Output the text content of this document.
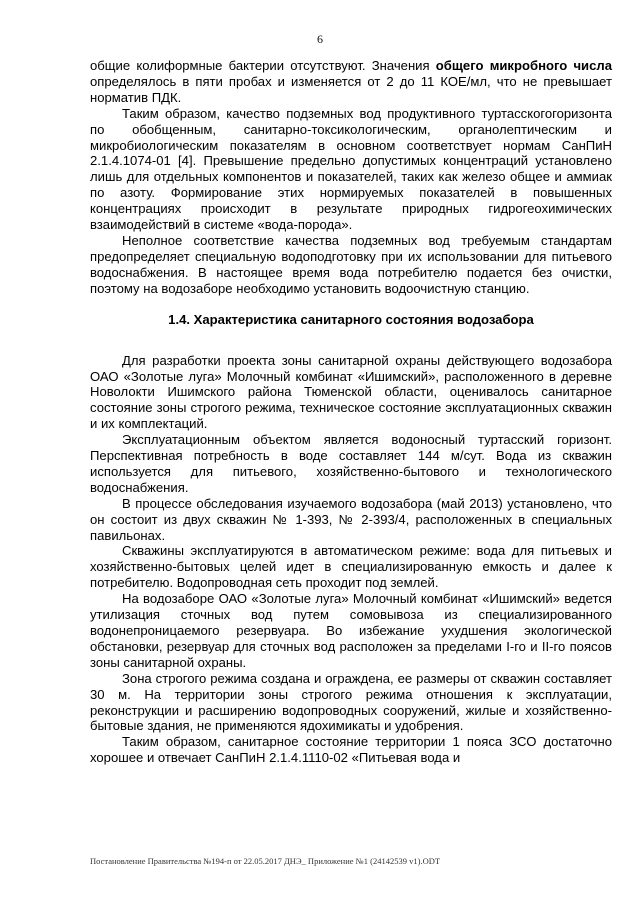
6

общие колиформные бактерии отсутствуют. Значения общего микробного числа определялось в пяти пробах и изменяется от 2 до 11 КОЕ/мл, что не превышает норматив ПДК.

Таким образом, качество подземных вод продуктивного туртасскогогоризонта по обобщенным, санитарно-токсикологическим, органолептическим и микробиологическим показателям в основном соответствует нормам СанПиН 2.1.4.1074-01 [4]. Превышение предельно допустимых концентраций установлено лишь для отдельных компонентов и показателей, таких как железо общее и аммиак по азоту. Формирование этих нормируемых показателей в повышенных концентрациях происходит в результате природных гидрогеохимических взаимодействий в системе «вода-порода».

Неполное соответствие качества подземных вод требуемым стандартам предопределяет специальную водоподготовку при их использовании для питьевого водоснабжения. В настоящее время вода потребителю подается без очистки, поэтому на водозаборе необходимо установить водоочистную станцию.

1.4. Характеристика санитарного состояния водозабора

Для разработки проекта зоны санитарной охраны действующего водозабора ОАО «Золотые луга» Молочный комбинат «Ишимский», расположенного в деревне Новолокти Ишимского района Тюменской области, оценивалось санитарное состояние зоны строгого режима, техническое состояние эксплуатационных скважин и их комплектаций.

Эксплуатационным объектом является водоносный туртасский горизонт. Перспективная потребность в воде составляет 144 м/сут. Вода из скважин используется для питьевого, хозяйственно-бытового и технологического водоснабжения.

В процессе обследования изучаемого водозабора (май 2013) установлено, что он состоит из двух скважин № 1-393, № 2-393/4, расположенных в специальных павильонах.

Скважины эксплуатируются в автоматическом режиме: вода для питьевых и хозяйственно-бытовых целей идет в специализированную емкость и далее к потребителю. Водопроводная сеть проходит под землей.

На водозаборе ОАО «Золотые луга» Молочный комбинат «Ишимский» ведется утилизация сточных вод путем сомовывоза из специализированного водонепроницаемого резервуара. Во избежание ухудшения экологической обстановки, резервуар для сточных вод расположен за пределами I-го и II-го поясов зоны санитарной охраны.

Зона строгого режима создана и ограждена, ее размеры от скважин составляет 30 м. На территории зоны строгого режима отношения к эксплуатации, реконструкции и расширению водопроводных сооружений, жилые и хозяйственно-бытовые здания, не применяются ядохимикаты и удобрения.

Таким образом, санитарное состояние территории 1 пояса ЗСО достаточно хорошее и отвечает СанПиН 2.1.4.1110-02 «Питьевая вода и

Постановление Правительства №194-п от 22.05.2017 ДНЭ_ Приложение №1 (24142539 v1).ODT
